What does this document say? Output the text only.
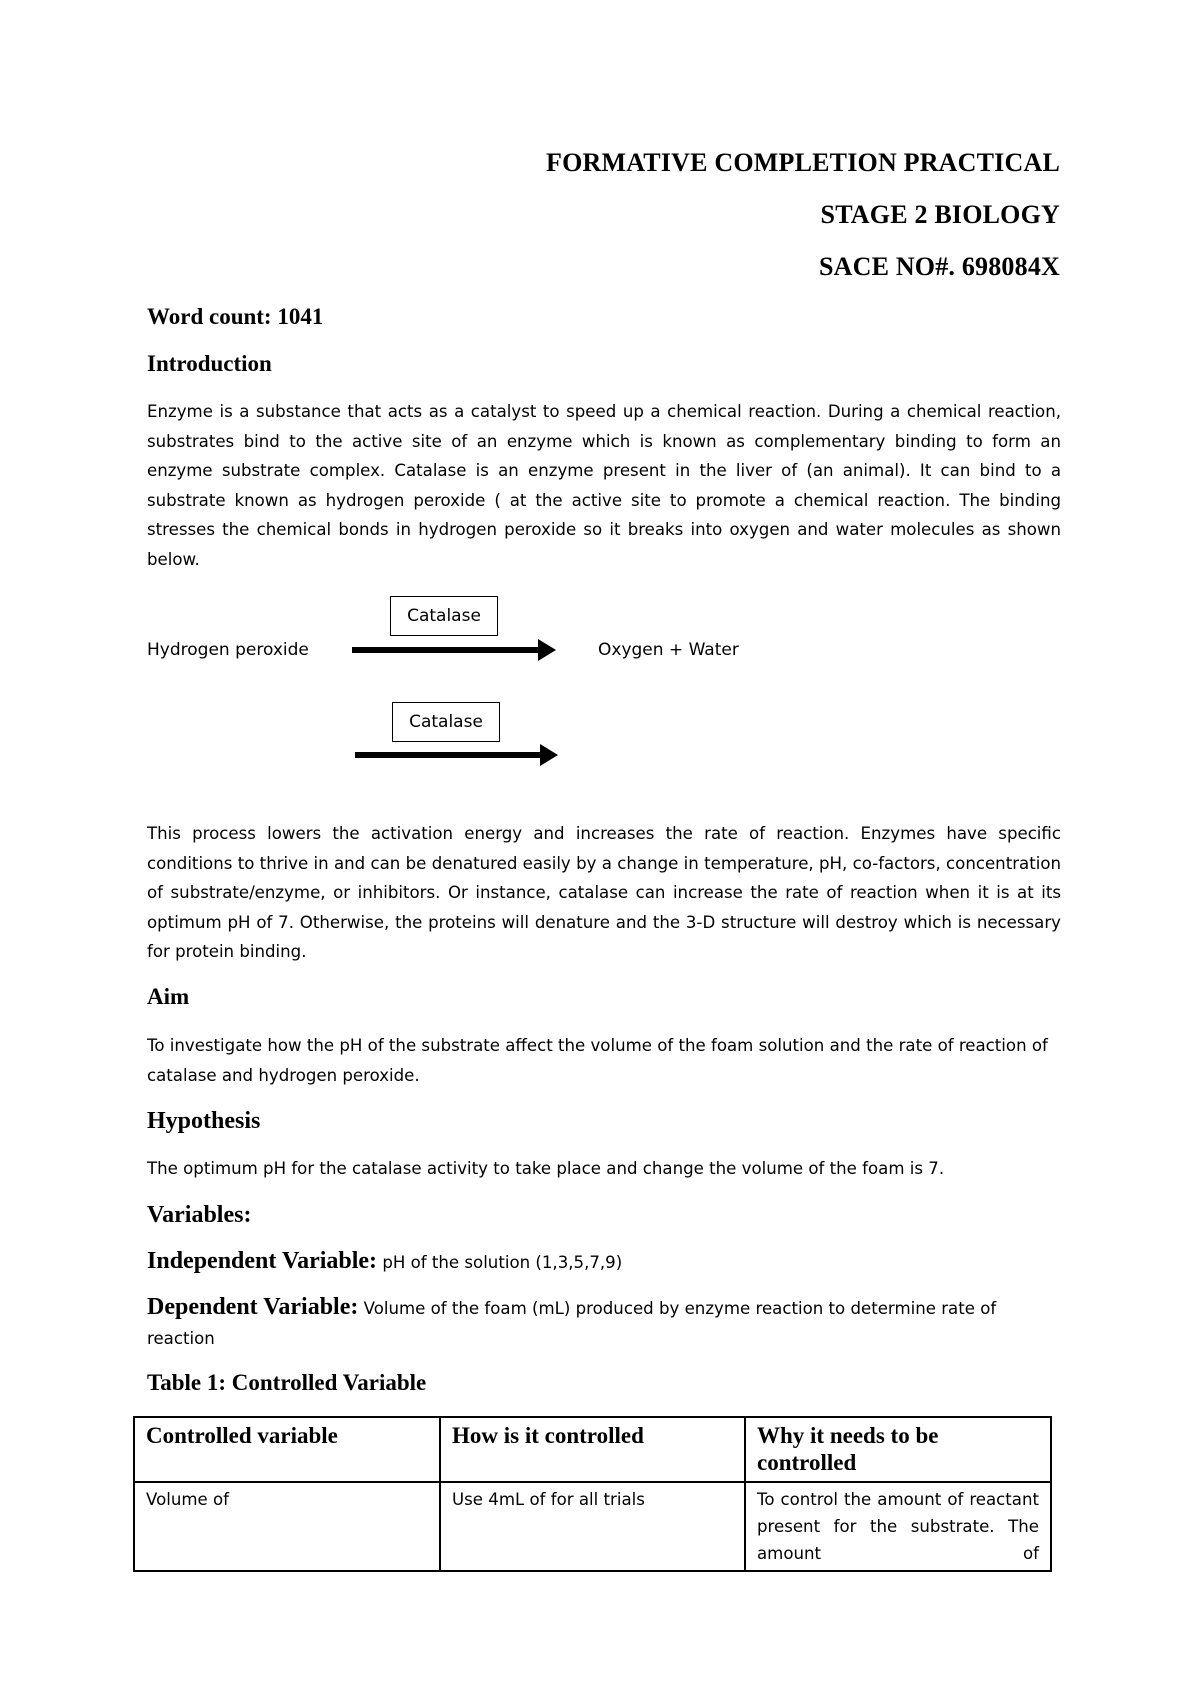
FORMATIVE COMPLETION PRACTICAL
STAGE 2 BIOLOGY
SACE NO#. 698084X
Word count: 1041
Introduction
Enzyme is a substance that acts as a catalyst to speed up a chemical reaction. During a chemical reaction, substrates bind to the active site of an enzyme which is known as complementary binding to form an enzyme substrate complex. Catalase is an enzyme present in the liver of (an animal). It can bind to a substrate known as hydrogen peroxide ( at the active site to promote a chemical reaction. The binding stresses the chemical bonds in hydrogen peroxide so it breaks into oxygen and water molecules as shown below.
Catalase
Hydrogen peroxide	Oxygen + Water
Catalase
This process lowers the activation energy and increases the rate of reaction. Enzymes have specific conditions to thrive in and can be denatured easily by a change in temperature, pH, co-factors, concentration of substrate/enzyme, or inhibitors. Or instance, catalase can increase the rate of reaction when it is at its optimum pH of 7. Otherwise, the proteins will denature and the 3-D structure will destroy which is necessary for protein binding.
Aim
To investigate how the pH of the substrate affect the volume of the foam solution and the rate of reaction of catalase and hydrogen peroxide.
Hypothesis
The optimum pH for the catalase activity to take place and change the volume of the foam is 7.
Variables:
Independent Variable: pH of the solution (1,3,5,7,9)
Dependent Variable: Volume of the foam (mL) produced by enzyme reaction to determine rate of reaction
Table 1: Controlled Variable
Controlled variable	How is it controlled	Why it needs to be controlled
Volume of	Use 4mL of for all trials	To control the amount of reactant present for the substrate. The amount of
